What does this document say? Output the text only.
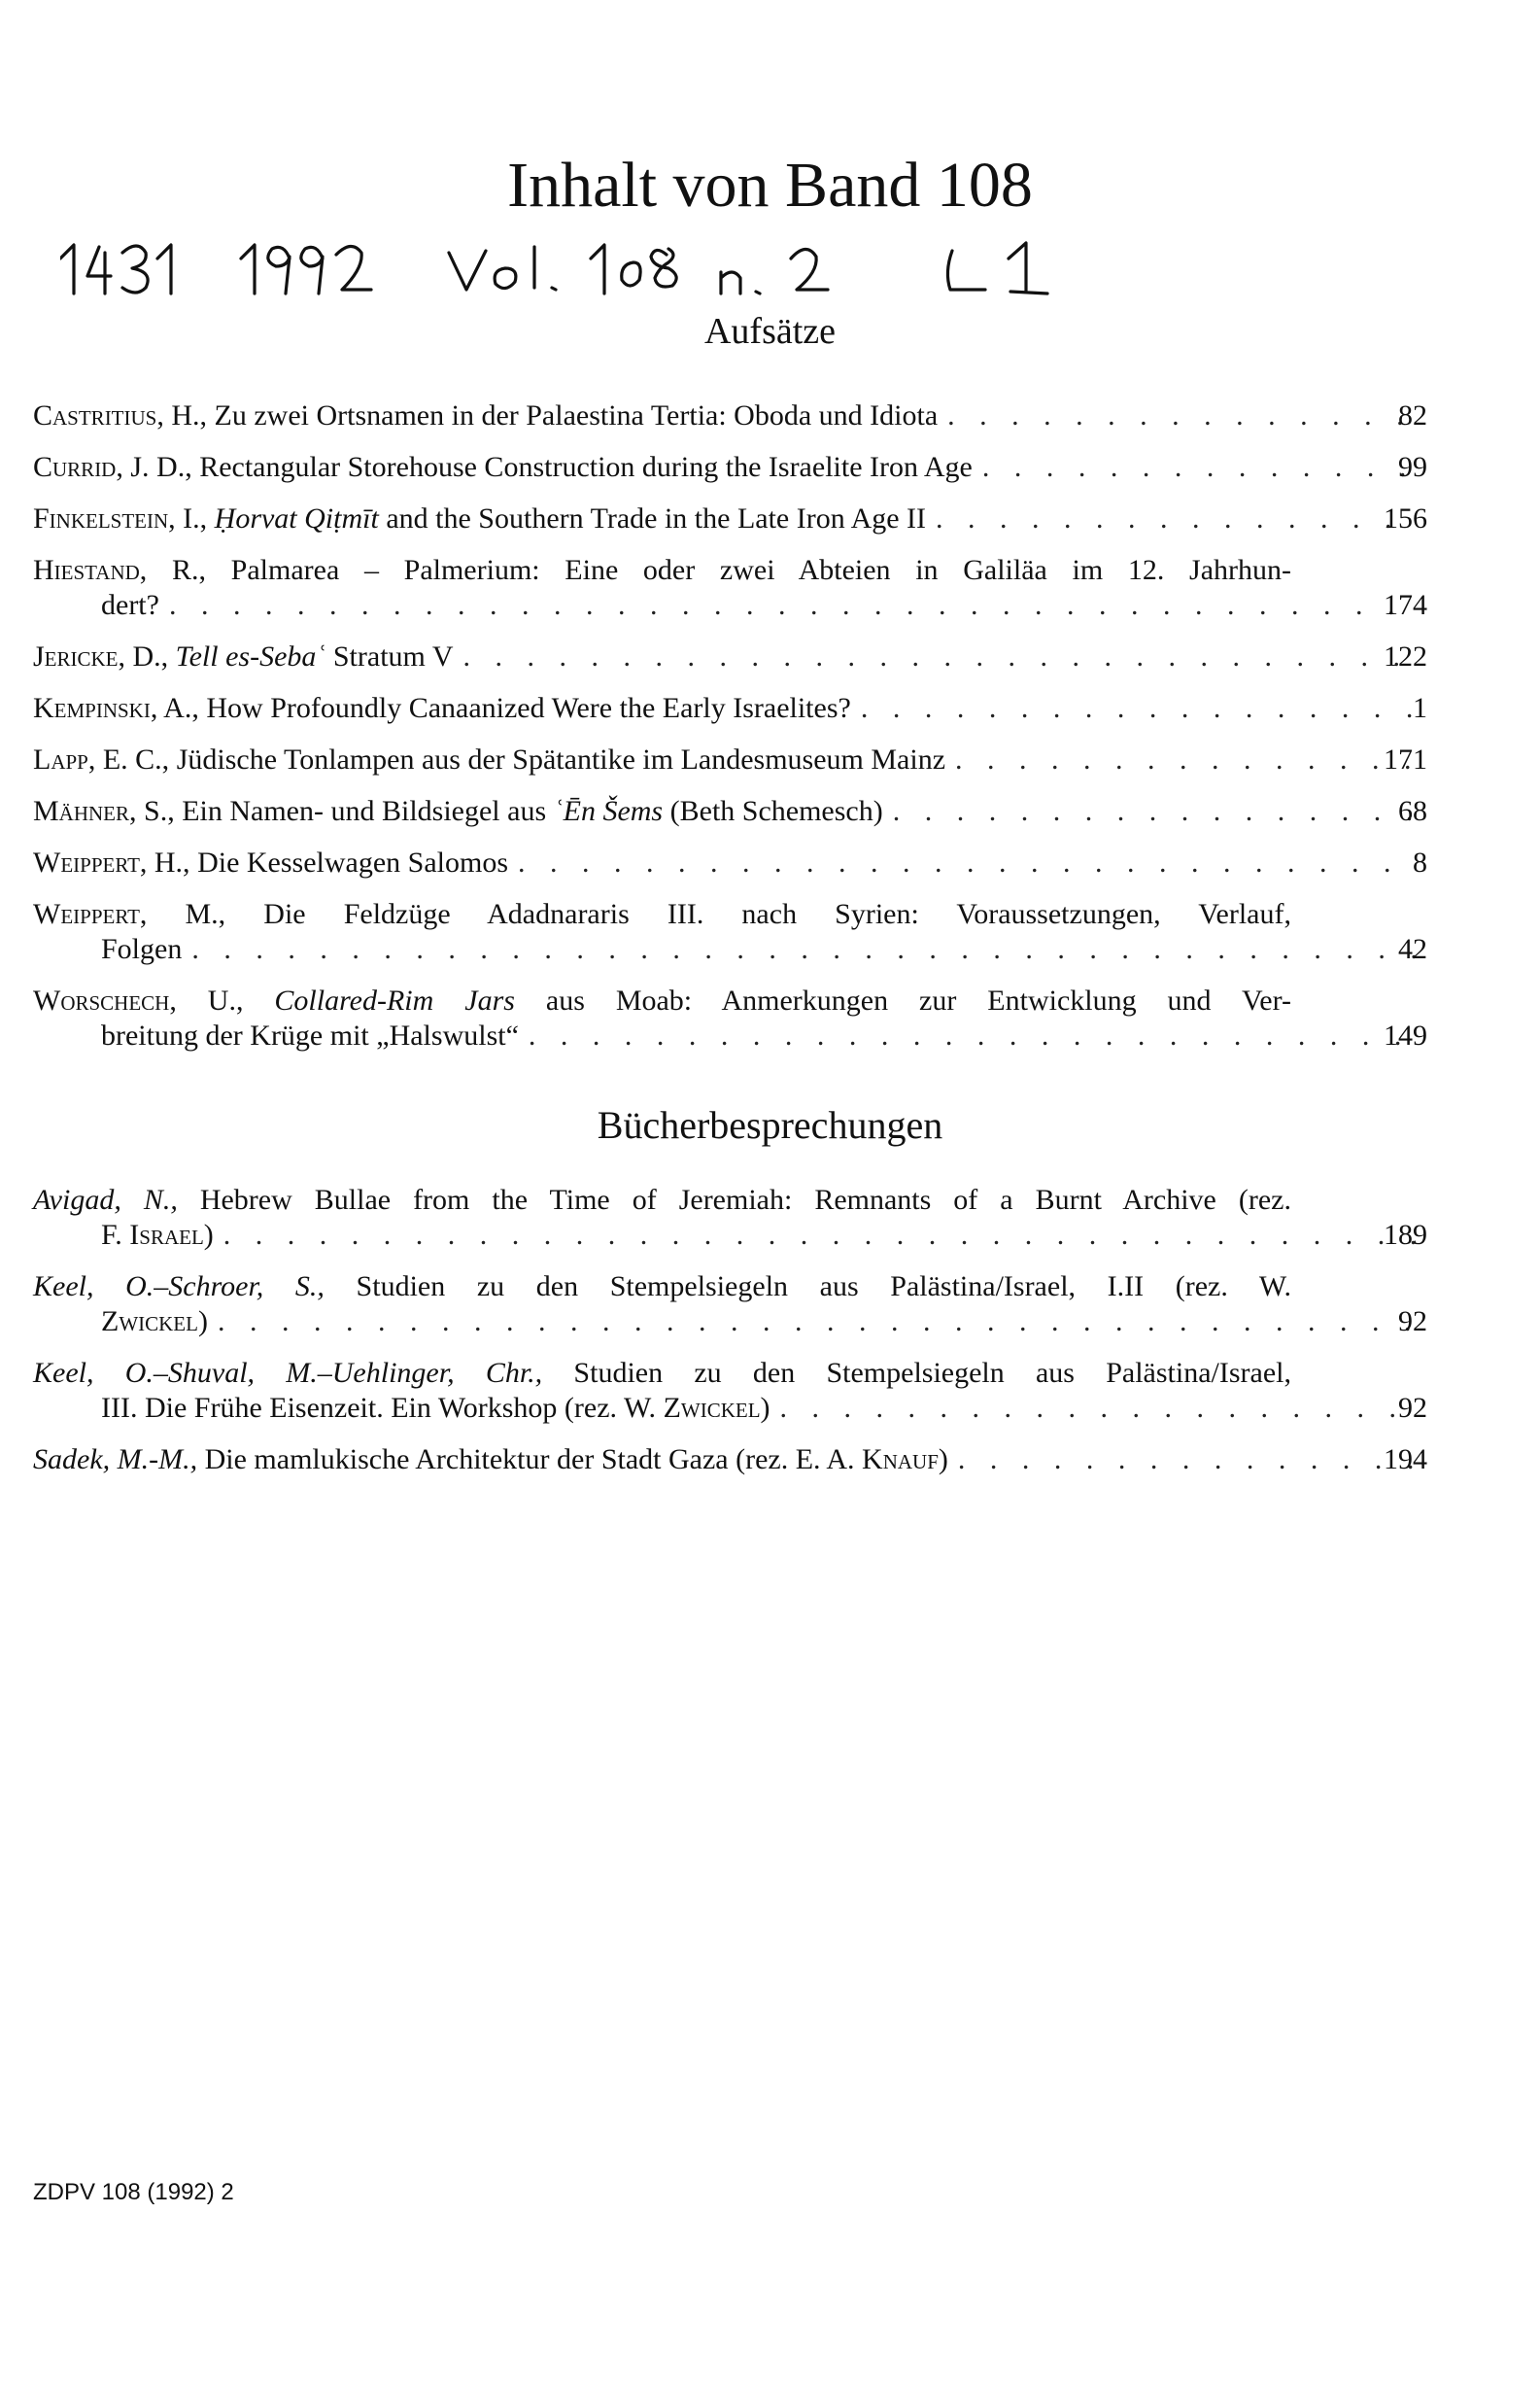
Inhalt von Band 108
Aufsätze
Castritius, H., Zu zwei Ortsnamen in der Palaestina Tertia: Oboda und Idiota . . .	82
Currid, J. D., Rectangular Storehouse Construction during the Israelite Iron Age . . .	99
Finkelstein, I., Ḥorvat Qiṭmīt and the Southern Trade in the Late Iron Age II . . .	156
Hiestand, R., Palmarea – Palmerium: Eine oder zwei Abteien in Galiläa im 12. Jahrhun-
dert? . . .	174
Jericke, D., Tell es-Sebaʿ Stratum V . . .	122
Kempinski, A., How Profoundly Canaanized Were the Early Israelites? . . .	1
Lapp, E. C., Jüdische Tonlampen aus der Spätantike im Landesmuseum Mainz . . .	171
Mähner, S., Ein Namen- und Bildsiegel aus ʿĒn Šems (Beth Schemesch) . . .	68
Weippert, H., Die Kesselwagen Salomos . . .	8
Weippert, M., Die Feldzüge Adadnararis III. nach Syrien: Voraussetzungen, Verlauf,
Folgen . . .	42
Worschech, U., Collared-Rim Jars aus Moab: Anmerkungen zur Entwicklung und Ver-
breitung der Krüge mit „Halswulst“ . . .	149
Bücherbesprechungen
Avigad, N., Hebrew Bullae from the Time of Jeremiah: Remnants of a Burnt Archive (rez.
F. Israel) . . .	189
Keel, O.–Schroer, S., Studien zu den Stempelsiegeln aus Palästina/Israel, I.II (rez. W.
Zwickel) . . .	92
Keel, O.–Shuval, M.–Uehlinger, Chr., Studien zu den Stempelsiegeln aus Palästina/Israel,
III. Die Frühe Eisenzeit. Ein Workshop (rez. W. Zwickel) . . .	92
Sadek, M.-M., Die mamlukische Architektur der Stadt Gaza (rez. E. A. Knauf) . . .	194
ZDPV 108 (1992) 2
